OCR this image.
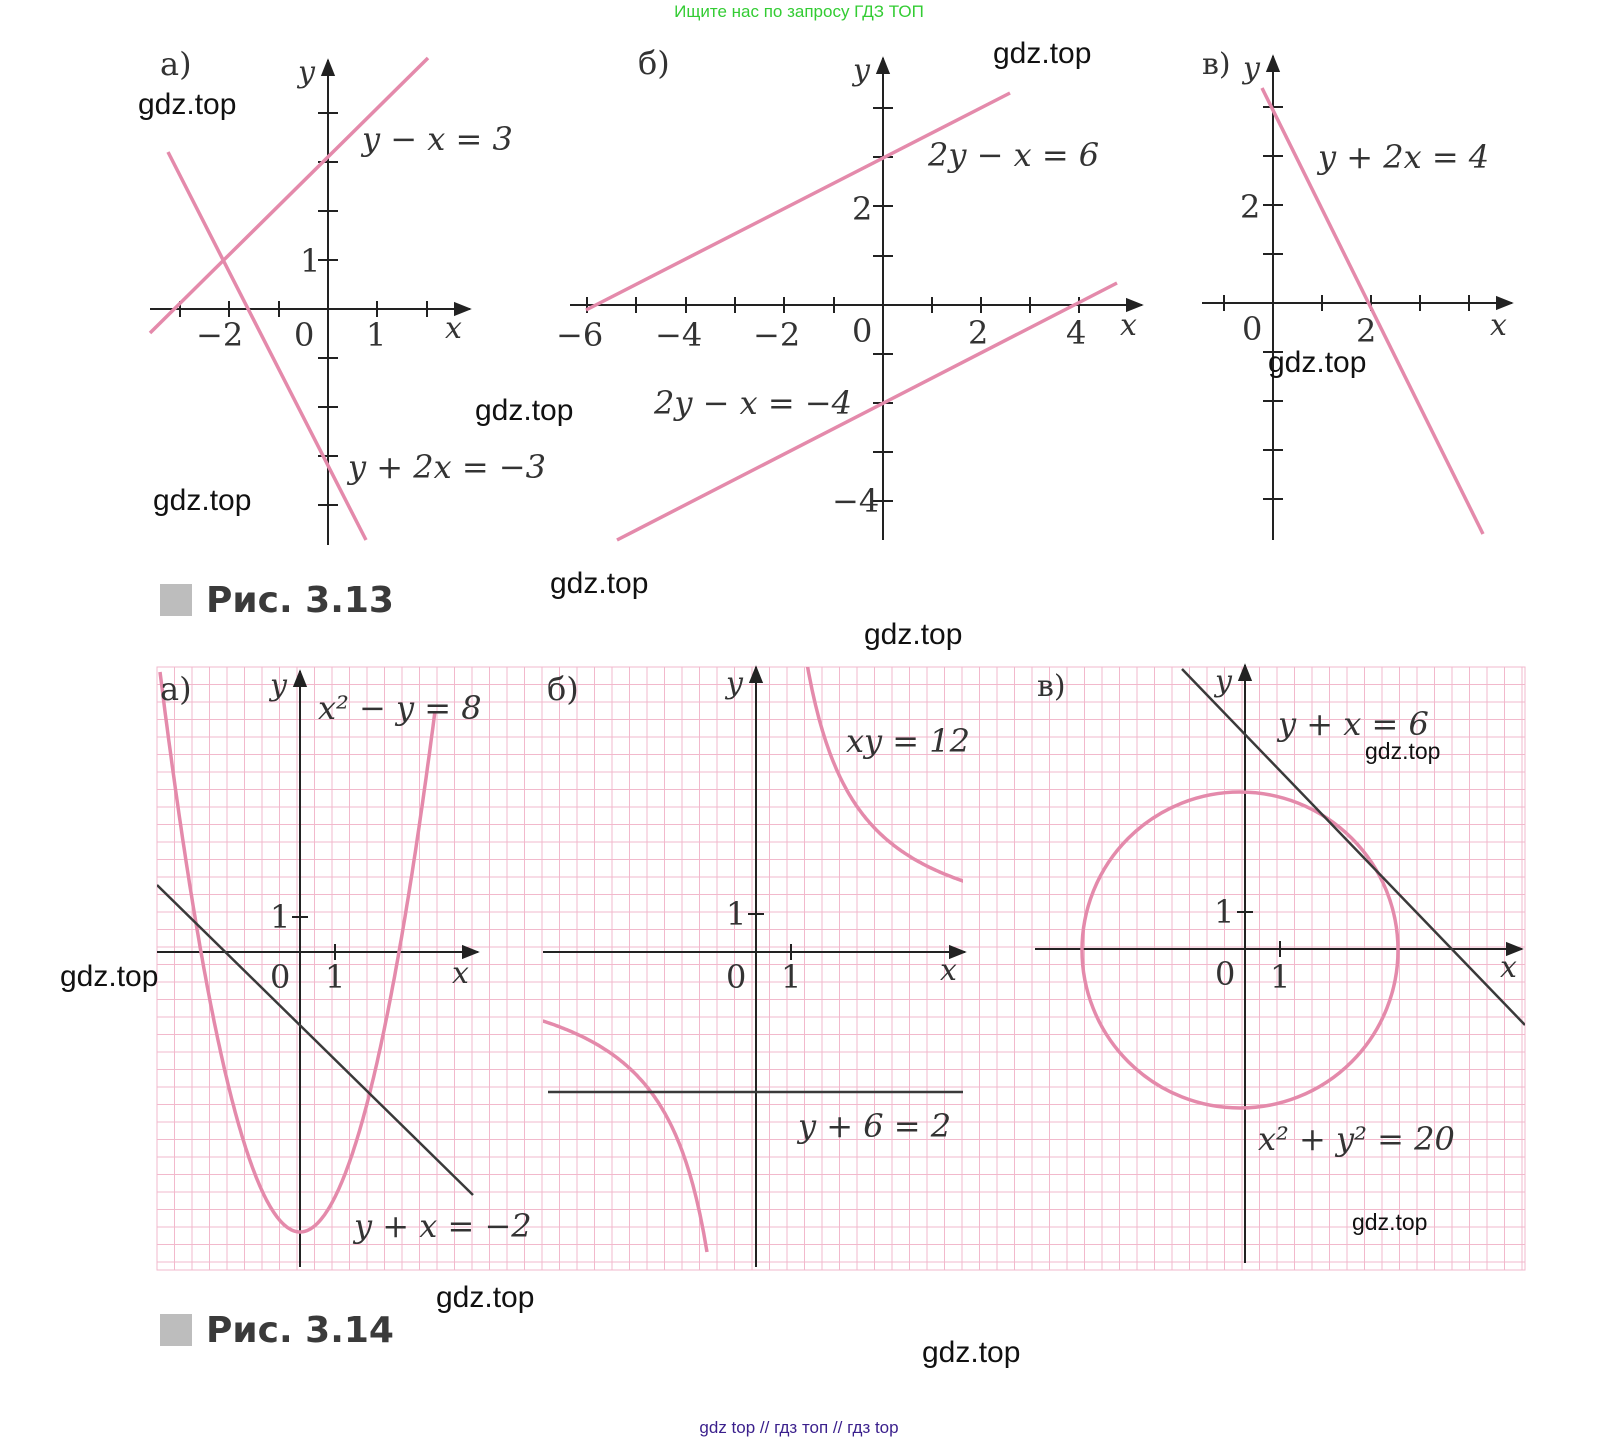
Ищите нас по запросу ГДЗ ТОП
gdz top // гдз топ // гдз top
а)	y
x
−2 0 1
1
y − x = 3
y + 2x = −3
б)	y
x
−6 −4 −2 0	2 4
2
−4
2y − x = 6
2y − x = −4
в) y
x
0	2
2
y + 2x = 4
Рис. 3.13
а)	y
x
0 1
1
x² − y = 8
y + x = −2
б)	y
x
0 1
1
xy = 12
y + 6 = 2
в)	y
x
0 1
1
y + x = 6
x² + y² = 20
Рис. 3.14
gdz.top
gdz.top
gdz.top
gdz.top
gdz.top
gdz.top
gdz.top
gdz.top
gdz.top
gdz.top
gdz.top
gdz.top
